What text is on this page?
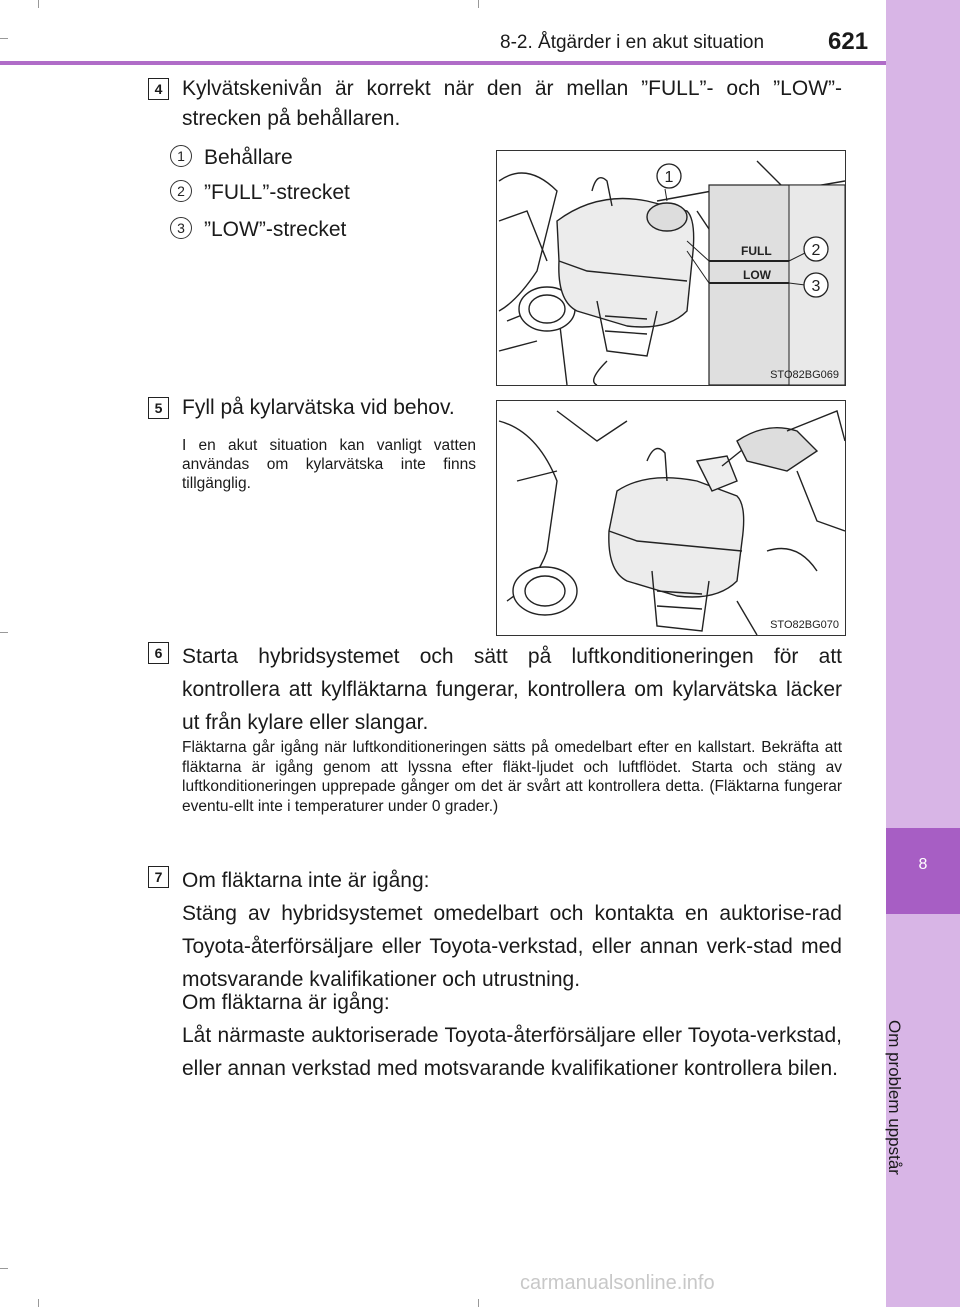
8-2. Åtgärder i en akut situation	621
8
Om problem uppstår
4 Kylvätskenivån är korrekt när den är mellan ”FULL”- och ”LOW”-strecken på behållaren.
1 Behållare
2 ”FULL”-strecket
3 ”LOW”-strecket
FULL
LOW
1
2
3
STO82BG069
5 Fyll på kylarvätska vid behov.
I en akut situation kan vanligt vatten användas om kylarvätska inte finns tillgänglig.
STO82BG070
6 Starta hybridsystemet och sätt på luftkonditioneringen för att kontrollera att kylfläktarna fungerar, kontrollera om kylarvätska läcker ut från kylare eller slangar.
Fläktarna går igång när luftkonditioneringen sätts på omedelbart efter en kallstart. Bekräfta att fläktarna är igång genom att lyssna efter fläkt-ljudet och luftflödet. Starta och stäng av luftkonditioneringen upprepade gånger om det är svårt att kontrollera detta. (Fläktarna fungerar eventu-ellt inte i temperaturer under 0 grader.)
7 Om fläktarna inte är igång:
Stäng av hybridsystemet omedelbart och kontakta en auktorise-rad Toyota-återförsäljare eller Toyota-verkstad, eller annan verk-stad med motsvarande kvalifikationer och utrustning.
Om fläktarna är igång:
Låt närmaste auktoriserade Toyota-återförsäljare eller Toyota-verkstad, eller annan verkstad med motsvarande kvalifikationer kontrollera bilen.
carmanualsonline.info
